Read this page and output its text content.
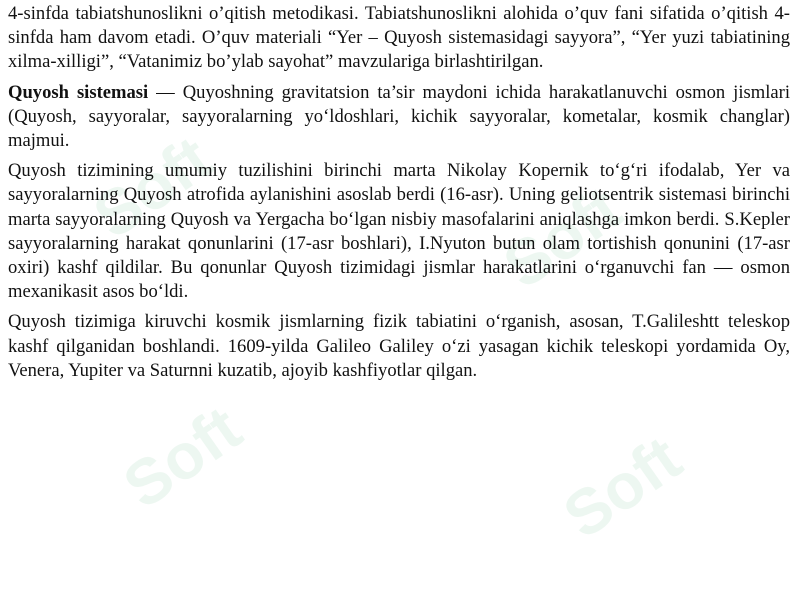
Soft	Soft
Soft	Soft

4-sinfda tabiatshunoslikni o’qitish metodikasi. Tabiatshunoslikni alohida o’quv fani sifatida o’qitish 4-sinfda ham davom etadi. O’quv materiali “Yer – Quyosh sistemasidagi sayyora”, “Yer yuzi tabiatining xilma-xilligi”, “Vatanimiz bo’ylab sayohat” mavzulariga birlashtirilgan.

Quyosh sistemasi — Quyoshning gravitatsion ta’sir maydoni ichida harakatlanuvchi osmon jismlari (Quyosh, sayyoralar, sayyoralarning yo‘ldoshlari, kichik sayyoralar, kometalar, kosmik changlar) majmui.

Quyosh tizimining umumiy tuzilishini birinchi marta Nikolay Kopernik to‘g‘ri ifodalab, Yer va sayyoralarning Quyosh atrofida aylanishini asoslab berdi (16-asr). Uning geliotsentrik sistemasi birinchi marta sayyoralarning Quyosh va Yergacha bo‘lgan nisbiy masofalarini aniqlashga imkon berdi. S.Kepler sayyoralarning harakat qonunlarini (17-asr boshlari), I.Nyuton butun olam tortishish qonunini (17-asr oxiri) kashf qildilar. Bu qonunlar Quyosh tizimidagi jismlar harakatlarini o‘rganuvchi fan — osmon mexanikasit asos bo‘ldi.

Quyosh tizimiga kiruvchi kosmik jismlarning fizik tabiatini o‘rganish, asosan, T.Galileshtt teleskop kashf qilganidan boshlandi. 1609-yilda Galileo Galiley o‘zi yasagan kichik teleskopi yordamida Oy, Venera, Yupiter va Saturnni kuzatib, ajoyib kashfiyotlar qilgan.
